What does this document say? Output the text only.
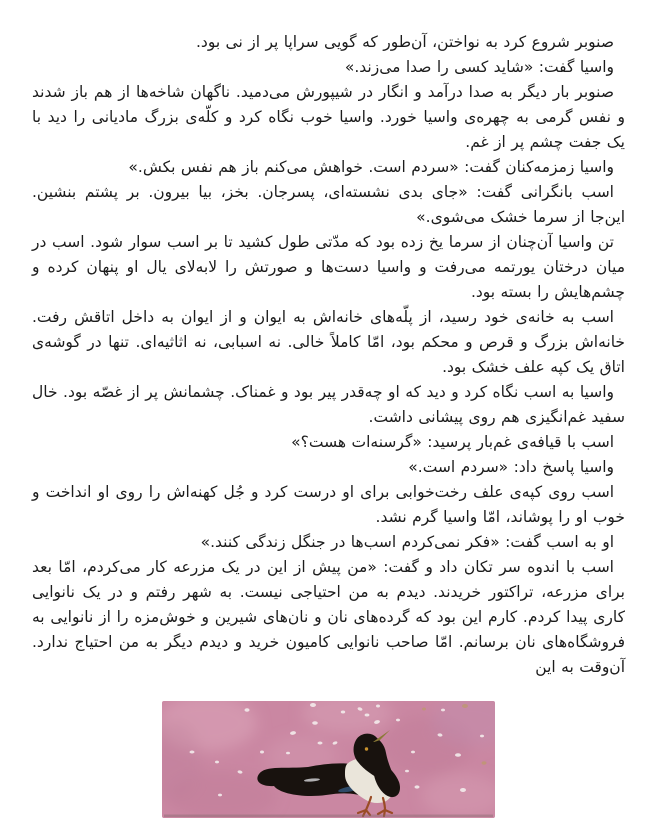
صنوبر شروع کرد به نواختن، آن‌طور که گویی سراپا پر از نی بود.

واسیا گفت: «شاید کسی را صدا می‌زند.»

صنوبر بار دیگر به صدا درآمد و انگار در شیپورش می‌دمید. ناگهان شاخه‌ها از هم باز شدند و نفس گرمی به چهره‌ی واسیا خورد. واسیا خوب نگاه کرد و کلّه‌ی بزرگ مادیانی را دید با یک جفت چشم پر از غم.

واسیا زمزمه‌کنان گفت: «سردم است. خواهش می‌کنم باز هم نفس بکش.»

اسب بانگرانی گفت: «جای بدی نشسته‌ای، پسرجان. بخز، بیا بیرون. بر پشتم بنشین. این‌جا از سرما خشک می‌شوی.»

تن واسیا آن‌چنان از سرما یخ زده بود که مدّتی طول کشید تا بر اسب سوار شود. اسب در میان درختان یورتمه می‌رفت و واسیا دست‌ها و صورتش را لابه‌لای یال او پنهان کرده و چشم‌هایش را بسته بود.

اسب به خانه‌ی خود رسید، از پلّه‌های خانه‌اش به ایوان و از ایوان به داخل اتاقش رفت. خانه‌اش بزرگ و قرص و محکم بود، امّا کاملاً خالی. نه اسبابی، نه اثاثیه‌ای. تنها در گوشه‌ی اتاق یک کپه علف خشک بود.

واسیا به اسب نگاه کرد و دید که او چه‌قدر پیر بود و غمناک. چشمانش پر از غصّه بود. خال سفید غم‌انگیزی هم روی پیشانی داشت.

اسب با قیافه‌ی غم‌بار پرسید: «گرسنه‌ات هست؟»

واسیا پاسخ داد: «سردم است.»

اسب روی کپه‌ی علف رخت‌خوابی برای او درست کرد و جُل کهنه‌اش را روی او انداخت و خوب او را پوشاند، امّا واسیا گرم نشد.

او به اسب گفت: «فکر نمی‌کردم اسب‌ها در جنگل زندگی کنند.»

اسب با اندوه سر تکان داد و گفت: «من پیش از این در یک مزرعه کار می‌کردم، امّا بعد برای مزرعه، تراکتور خریدند. دیدم به من احتیاجی نیست. به شهر رفتم و در یک نانوایی کاری پیدا کردم. کارم این بود که گرده‌های نان و نان‌های شیرین و خوش‌مزه را از نانوایی به فروشگاه‌های نان برسانم. امّا صاحب نانوایی کامیون خرید و دیدم دیگر به من احتیاج ندارد. آن‌وقت به این
